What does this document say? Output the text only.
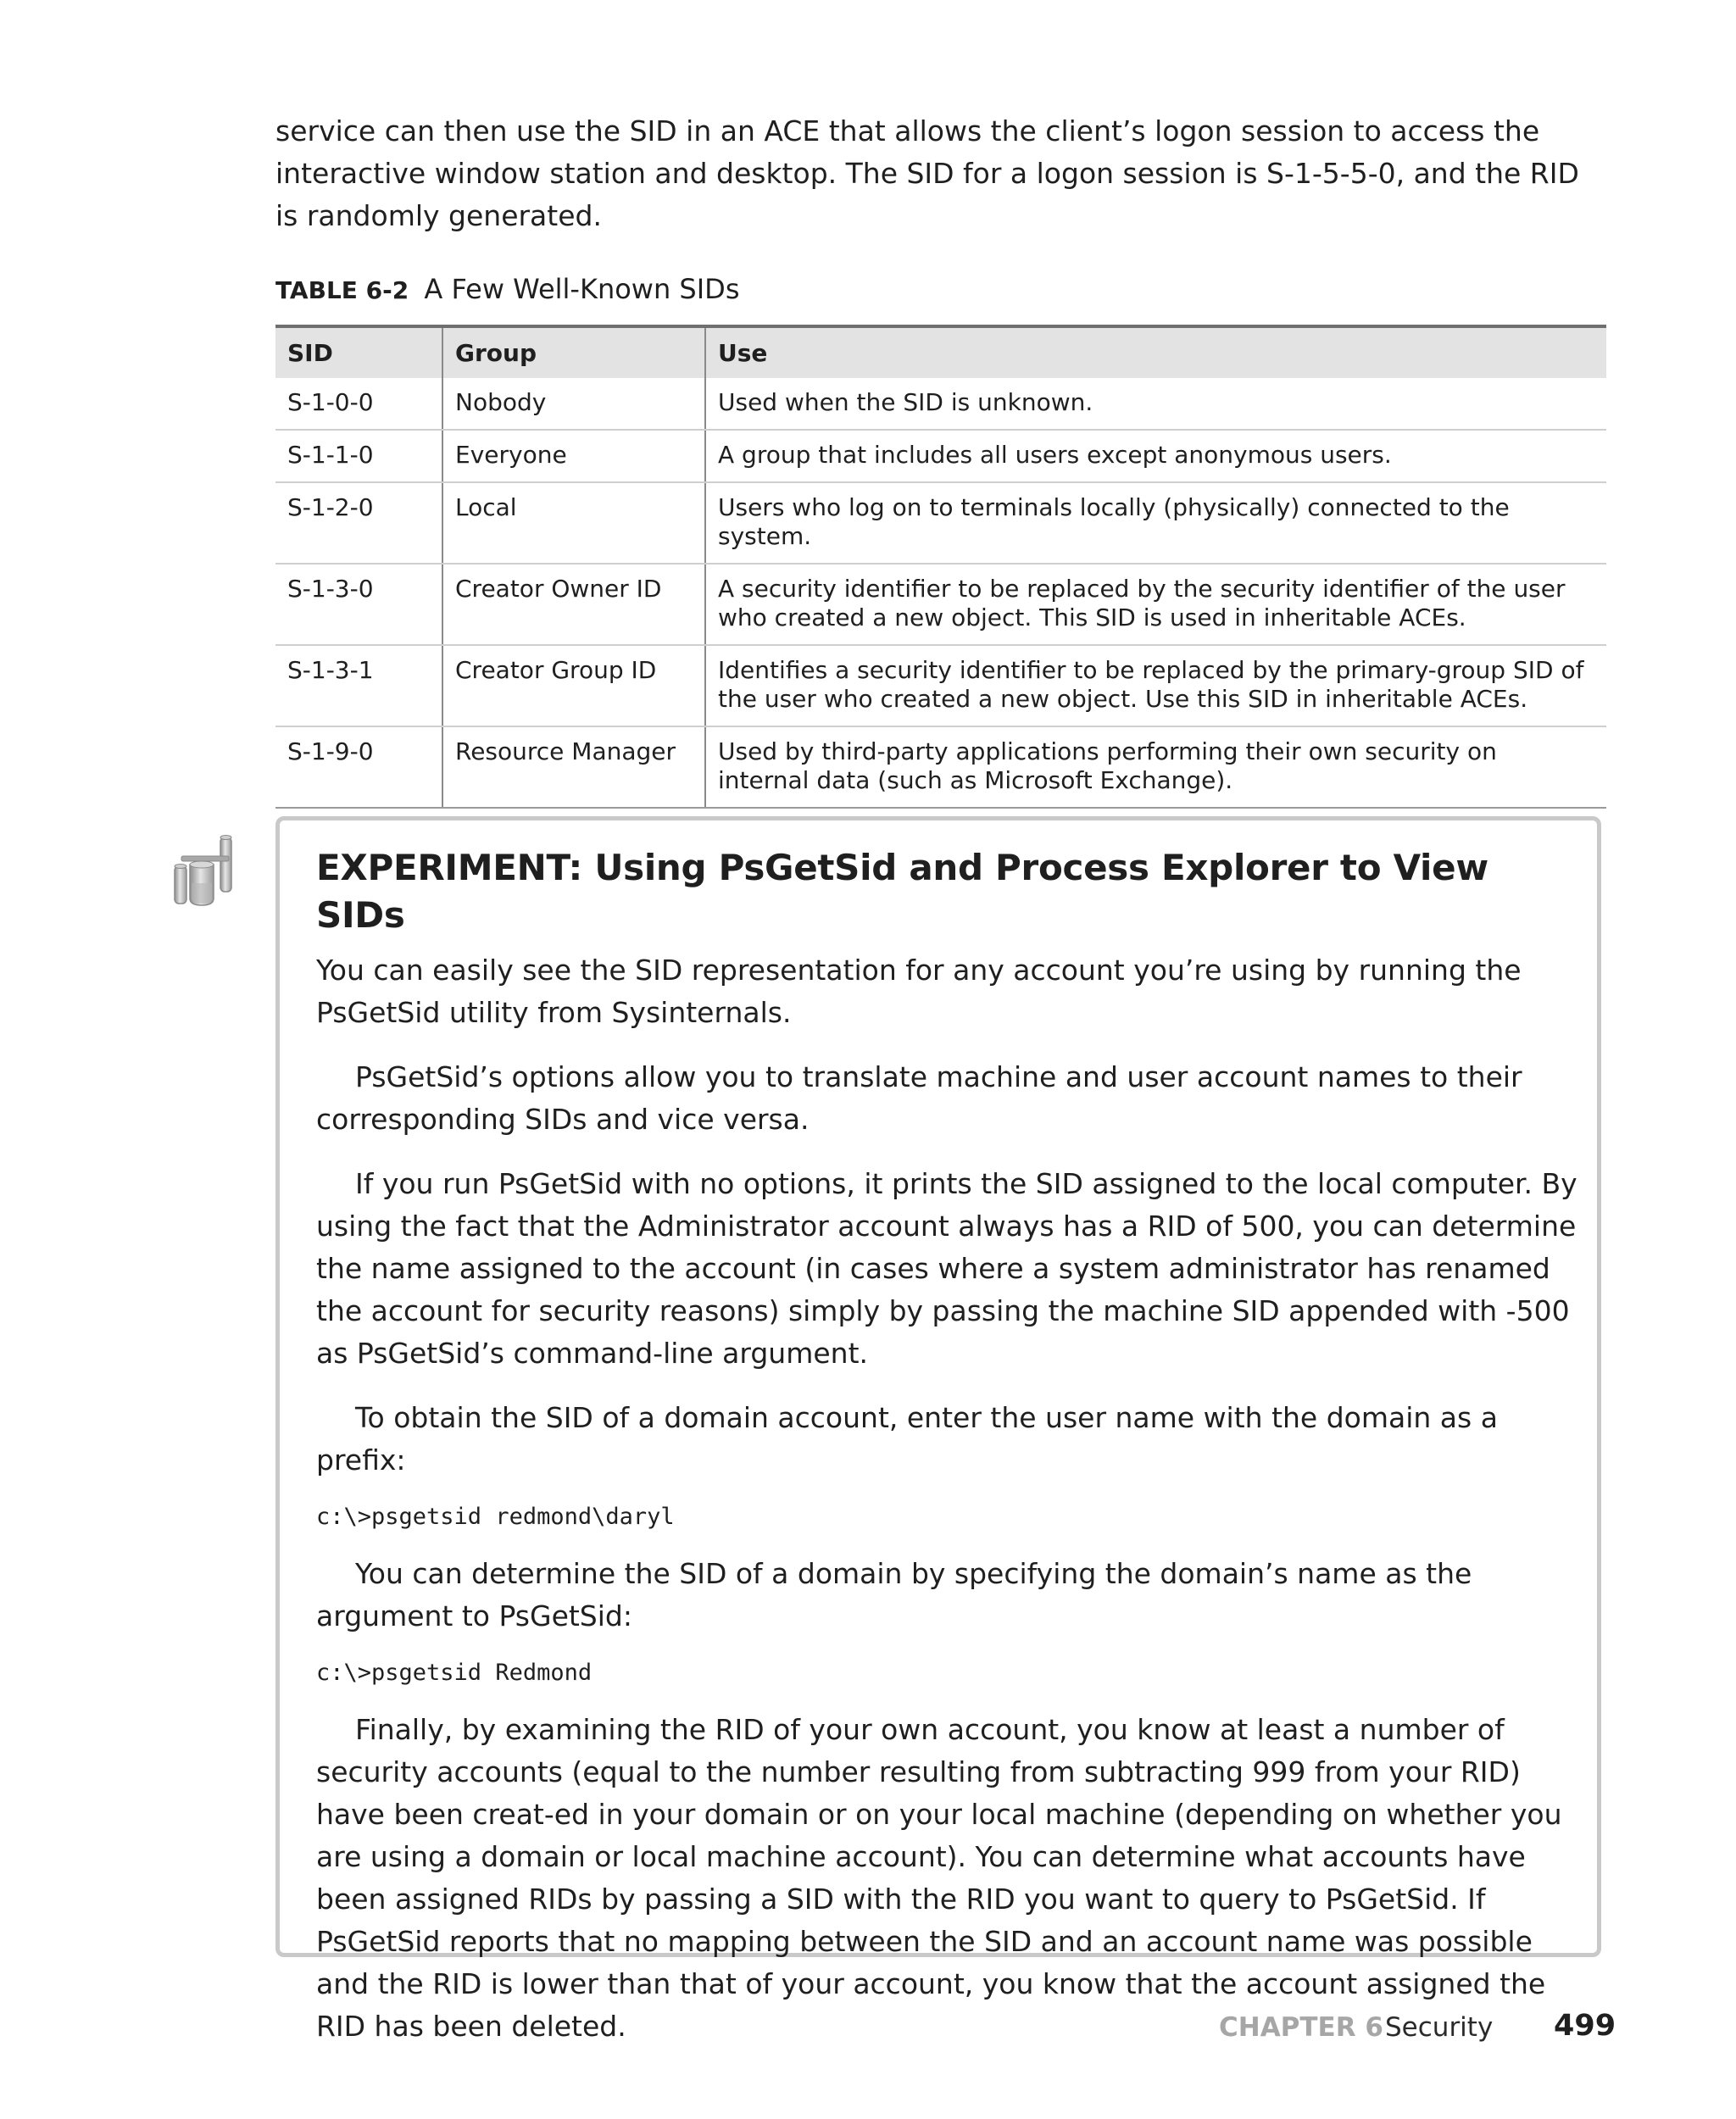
service can then use the SID in an ACE that allows the client’s logon session to access the interactive window station and desktop. The SID for a logon session is S-1-5-5-0, and the RID is randomly generated.

TABLE 6-2 A Few Well-Known SIDs

SID	Group	Use
S-1-0-0	Nobody	Used when the SID is unknown.
S-1-1-0	Everyone	A group that includes all users except anonymous users.
S-1-2-0	Local	Users who log on to terminals locally (physically) connected to the system.
S-1-3-0	Creator Owner ID	A security identifier to be replaced by the security identifier of the user who created a new object. This SID is used in inheritable ACEs.
S-1-3-1	Creator Group ID	Identifies a security identifier to be replaced by the primary-group SID of the user who created a new object. Use this SID in inheritable ACEs.
S-1-9-0	Resource Manager	Used by third-party applications performing their own security on internal data (such as Microsoft Exchange).
EXPERIMENT: Using PsGetSid and Process Explorer to View SIDs

You can easily see the SID representation for any account you’re using by running the PsGetSid utility from Sysinternals.

PsGetSid’s options allow you to translate machine and user account names to their corresponding SIDs and vice versa.

If you run PsGetSid with no options, it prints the SID assigned to the local computer. By using the fact that the Administrator account always has a RID of 500, you can determine the name assigned to the account (in cases where a system administrator has renamed the account for security reasons) simply by passing the machine SID appended with -500 as PsGetSid’s command-line argument.

To obtain the SID of a domain account, enter the user name with the domain as a prefix:

c:\>psgetsid redmond\daryl

You can determine the SID of a domain by specifying the domain’s name as the argument to PsGetSid:

c:\>psgetsid Redmond

Finally, by examining the RID of your own account, you know at least a number of security accounts (equal to the number resulting from subtracting 999 from your RID) have been creat-ed in your domain or on your local machine (depending on whether you are using a domain or local machine account). You can determine what accounts have been assigned RIDs by passing a SID with the RID you want to query to PsGetSid. If PsGetSid reports that no mapping between the SID and an account name was possible and the RID is lower than that of your account, you know that the account assigned the RID has been deleted.	CHAPTER 6 Security 499
